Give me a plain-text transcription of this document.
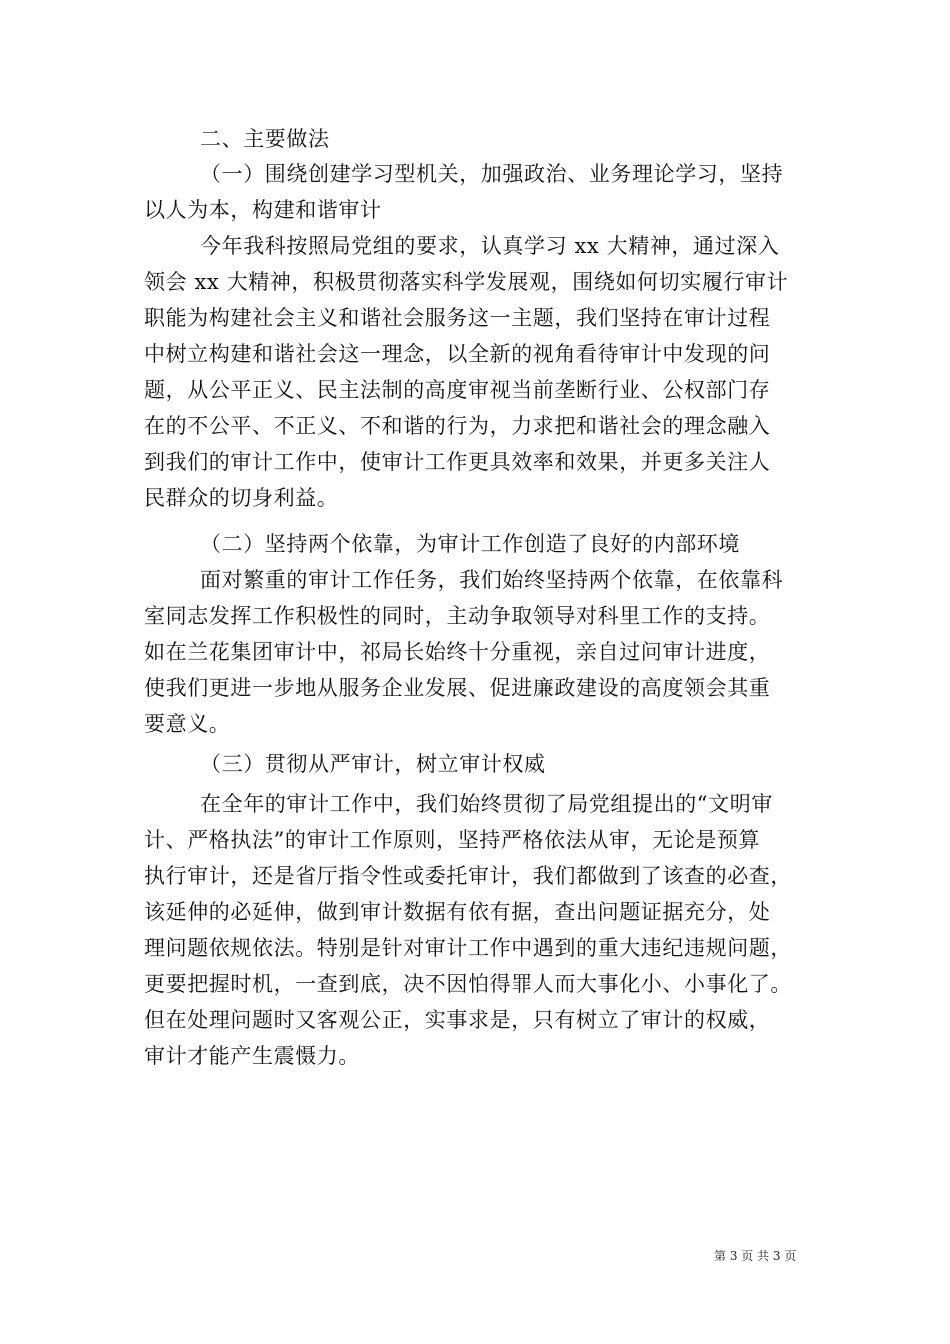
二、主要做法
（一）围绕创建学习型机关，加强政治、业务理论学习，坚持
以人为本，构建和谐审计
今年我科按照局党组的要求，认真学习 xx 大精神，通过深入
领会 xx 大精神，积极贯彻落实科学发展观，围绕如何切实履行审计
职能为构建社会主义和谐社会服务这一主题，我们坚持在审计过程
中树立构建和谐社会这一理念，以全新的视角看待审计中发现的问
题，从公平正义、民主法制的高度审视当前垄断行业、公权部门存
在的不公平、不正义、不和谐的行为，力求把和谐社会的理念融入
到我们的审计工作中，使审计工作更具效率和效果，并更多关注人
民群众的切身利益。
（二）坚持两个依靠，为审计工作创造了良好的内部环境
面对繁重的审计工作任务，我们始终坚持两个依靠，在依靠科
室同志发挥工作积极性的同时，主动争取领导对科里工作的支持。
如在兰花集团审计中，祁局长始终十分重视，亲自过问审计进度，
使我们更进一步地从服务企业发展、促进廉政建设的高度领会其重
要意义。
（三）贯彻从严审计，树立审计权威
在全年的审计工作中，我们始终贯彻了局党组提出的“文明审
计、严格执法”的审计工作原则，坚持严格依法从审，无论是预算
执行审计，还是省厅指令性或委托审计，我们都做到了该查的必查，
该延伸的必延伸，做到审计数据有依有据，查出问题证据充分，处
理问题依规依法。特别是针对审计工作中遇到的重大违纪违规问题，
更要把握时机，一查到底，决不因怕得罪人而大事化小、小事化了。
但在处理问题时又客观公正，实事求是，只有树立了审计的权威，
审计才能产生震慑力。
第 3 页 共 3 页
